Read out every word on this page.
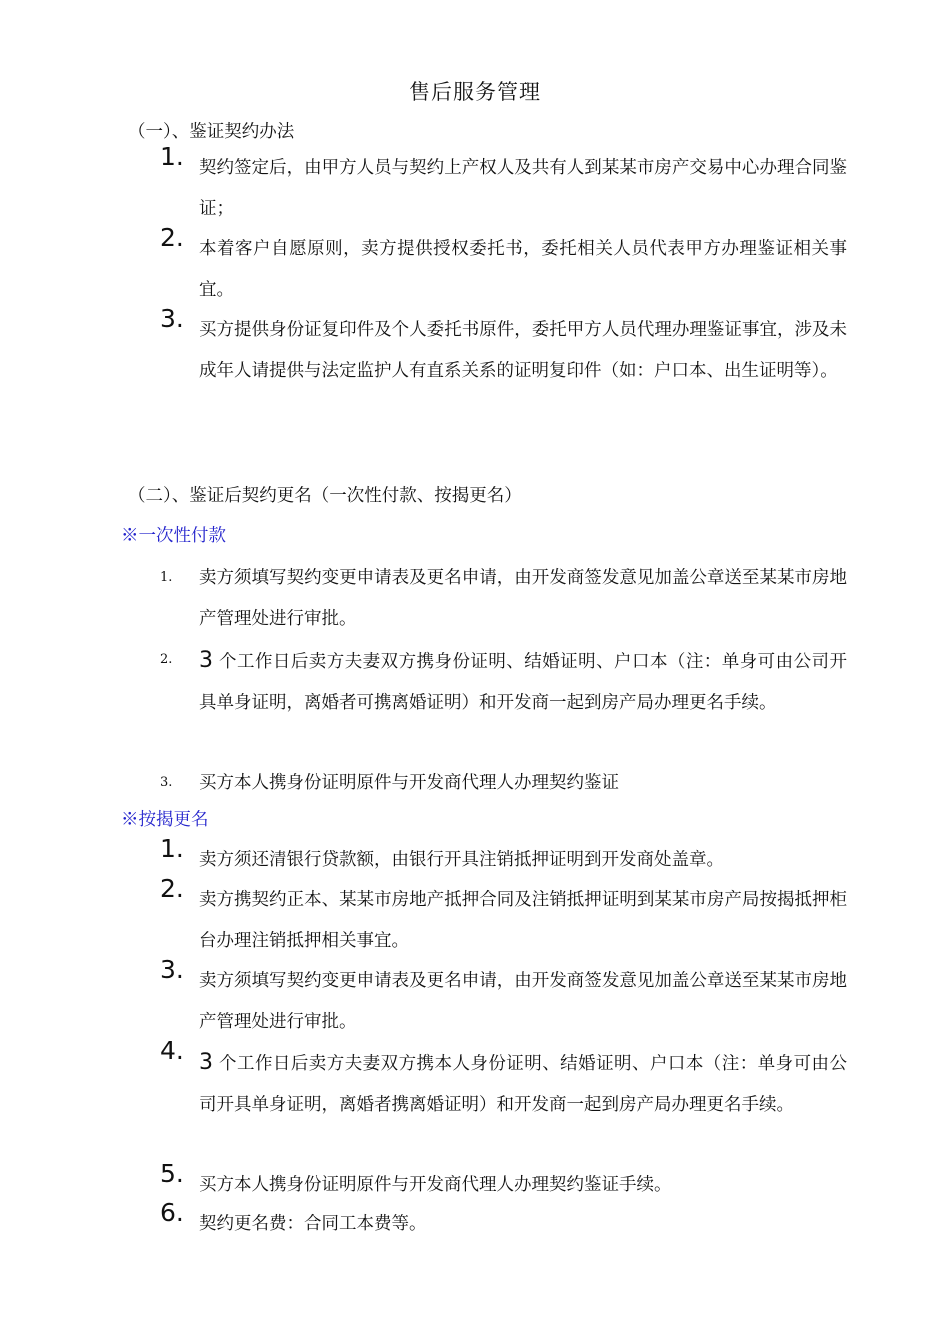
售后服务管理
（一）、鉴证契约办法
1. 契约签定后，由甲方人员与契约上产权人及共有人到某某市房产交易中心办理合同鉴证；
2. 本着客户自愿原则，卖方提供授权委托书，委托相关人员代表甲方办理鉴证相关事宜。
3. 买方提供身份证复印件及个人委托书原件，委托甲方人员代理办理鉴证事宜，涉及未成年人请提供与法定监护人有直系关系的证明复印件（如：户口本、出生证明等）。
（二）、鉴证后契约更名（一次性付款、按揭更名）
※一次性付款
1. 卖方须填写契约变更申请表及更名申请，由开发商签发意见加盖公章送至某某市房地产管理处进行审批。
2. 3 个工作日后卖方夫妻双方携身份证明、结婚证明、户口本（注：单身可由公司开具单身证明，离婚者可携离婚证明）和开发商一起到房产局办理更名手续。
3. 买方本人携身份证明原件与开发商代理人办理契约鉴证
※按揭更名
1. 卖方须还清银行贷款额，由银行开具注销抵押证明到开发商处盖章。
2. 卖方携契约正本、某某市房地产抵押合同及注销抵押证明到某某市房产局按揭抵押柜台办理注销抵押相关事宜。
3. 卖方须填写契约变更申请表及更名申请，由开发商签发意见加盖公章送至某某市房地产管理处进行审批。
4. 3 个工作日后卖方夫妻双方携本人身份证明、结婚证明、户口本（注：单身可由公司开具单身证明，离婚者携离婚证明）和开发商一起到房产局办理更名手续。
5. 买方本人携身份证明原件与开发商代理人办理契约鉴证手续。
6. 契约更名费：合同工本费等。
